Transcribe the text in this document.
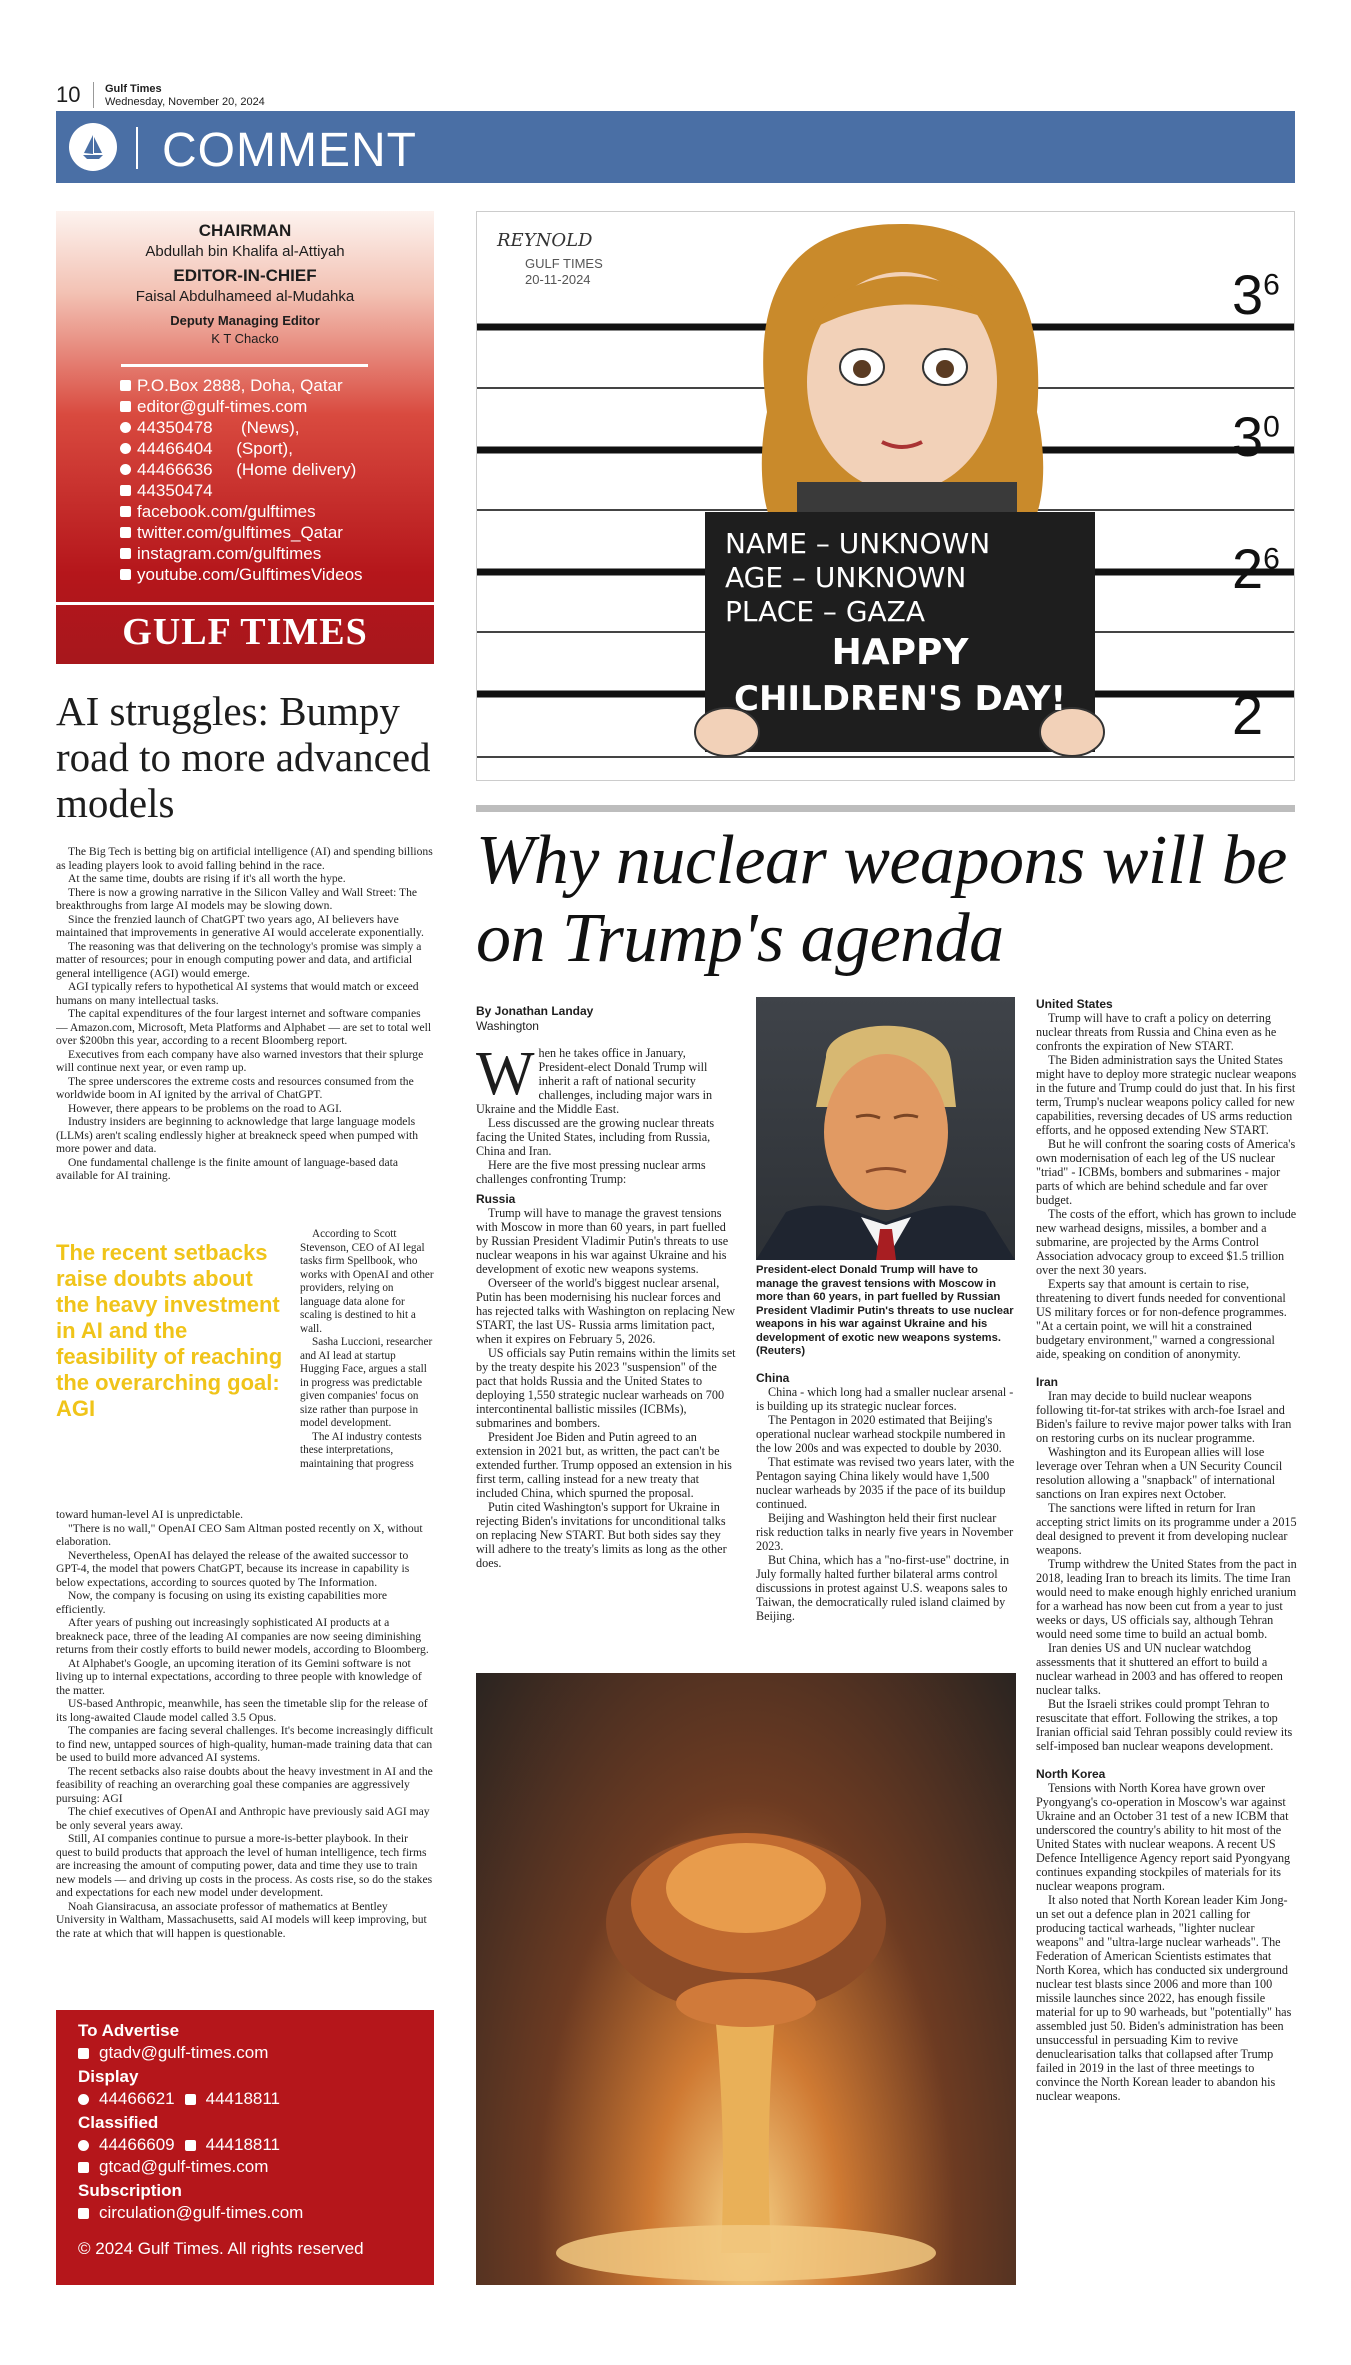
10 Gulf Times
Wednesday, November 20, 2024
COMMENT
CHAIRMAN
Abdullah bin Khalifa al-Attiyah
EDITOR-IN-CHIEF
Faisal Abdulhameed al-Mudahka
Deputy Managing Editor
K T Chacko
P.O.Box 2888, Doha, Qatar
editor@gulf-times.com
44350478      (News),
44466404     (Sport),
44466636     (Home delivery)
44350474
facebook.com/gulftimes
twitter.com/gulftimes_Qatar
instagram.com/gulftimes
youtube.com/GulftimesVideos
GULF TIMES
AI struggles: Bumpy road to more advanced models

The Big Tech is betting big on artificial intelligence (AI) and spending billions as leading players look to avoid falling behind in the race.

At the same time, doubts are rising if it's all worth the hype.

There is now a growing narrative in the Silicon Valley and Wall Street: The breakthroughs from large AI models may be slowing down.

Since the frenzied launch of ChatGPT two years ago, AI believers have maintained that improvements in generative AI would accelerate exponentially.

The reasoning was that delivering on the technology's promise was simply a matter of resources; pour in enough computing power and data, and artificial general intelligence (AGI) would emerge.

AGI typically refers to hypothetical AI systems that would match or exceed humans on many intellectual tasks.

The capital expenditures of the four largest internet and software companies — Amazon.com, Microsoft, Meta Platforms and Alphabet — are set to total well over $200bn this year, according to a recent Bloomberg report.

Executives from each company have also warned investors that their splurge will continue next year, or even ramp up.

The spree underscores the extreme costs and resources consumed from the worldwide boom in AI ignited by the arrival of ChatGPT.

However, there appears to be problems on the road to AGI.

Industry insiders are beginning to acknowledge that large language models (LLMs) aren't scaling endlessly higher at breakneck speed when pumped with more power and data.

One fundamental challenge is the finite amount of language-based data available for AI training.

The recent setbacks raise doubts about the heavy investment in AI and the feasibility of reaching the overarching goal: AGI

According to Scott Stevenson, CEO of AI legal tasks firm Spellbook, who works with OpenAI and other providers, relying on language data alone for scaling is destined to hit a wall.

Sasha Luccioni, researcher and AI lead at startup Hugging Face, argues a stall in progress was predictable given companies' focus on size rather than purpose in model development.

The AI industry contests these interpretations, maintaining that progress

toward human-level AI is unpredictable.

"There is no wall," OpenAI CEO Sam Altman posted recently on X, without elaboration.

Nevertheless, OpenAI has delayed the release of the awaited successor to GPT-4, the model that powers ChatGPT, because its increase in capability is below expectations, according to sources quoted by The Information.

Now, the company is focusing on using its existing capabilities more efficiently.

After years of pushing out increasingly sophisticated AI products at a breakneck pace, three of the leading AI companies are now seeing diminishing returns from their costly efforts to build newer models, according to Bloomberg.

At Alphabet's Google, an upcoming iteration of its Gemini software is not living up to internal expectations, according to three people with knowledge of the matter.

US-based Anthropic, meanwhile, has seen the timetable slip for the release of its long-awaited Claude model called 3.5 Opus.

The companies are facing several challenges. It's become increasingly difficult to find new, untapped sources of high-quality, human-made training data that can be used to build more advanced AI systems.

The recent setbacks also raise doubts about the heavy investment in AI and the feasibility of reaching an overarching goal these companies are aggressively pursuing: AGI

The chief executives of OpenAI and Anthropic have previously said AGI may be only several years away.

Still, AI companies continue to pursue a more-is-better playbook. In their quest to build products that approach the level of human intelligence, tech firms are increasing the amount of computing power, data and time they use to train new models — and driving up costs in the process. As costs rise, so do the stakes and expectations for each new model under development.

Noah Giansiracusa, an associate professor of mathematics at Bentley University in Waltham, Massachusetts, said AI models will keep improving, but the rate at which that will happen is questionable.

To Advertise
gtadv@gulf-times.com
Display
44466621 44418811
Classified
44466609 44418811
gtcad@gulf-times.com
Subscription
circulation@gulf-times.com
© 2024 Gulf Times. All rights reserved
REYNOLD
GULF TIMES
20-11-2024	$3^6$
$3^0$
$2^6$
2
NAME – UNKNOWN
AGE – UNKNOWN
PLACE – GAZA
HAPPY
CHILDREN'S DAY!
Why nuclear weapons will be on Trump's agenda
By Jonathan Landay
Washington
W hen he takes office in January, President-elect Donald Trump will inherit a raft of national security challenges, including major wars in Ukraine and the Middle East.

Less discussed are the growing nuclear threats facing the United States, including from Russia, China and Iran.

Here are the five most pressing nuclear arms challenges confronting Trump:

Russia

Trump will have to manage the gravest tensions with Moscow in more than 60 years, in part fuelled by Russian President Vladimir Putin's threats to use nuclear weapons in his war against Ukraine and his development of exotic new weapons systems.

Overseer of the world's biggest nuclear arsenal, Putin has been modernising his nuclear forces and has rejected talks with Washington on replacing New START, the last US- Russia arms limitation pact, when it expires on February 5, 2026.

US officials say Putin remains within the limits set by the treaty despite his 2023 "suspension" of the pact that holds Russia and the United States to deploying 1,550 strategic nuclear warheads on 700 intercontinental ballistic missiles (ICBMs), submarines and bombers.

President Joe Biden and Putin agreed to an extension in 2021 but, as written, the pact can't be extended further. Trump opposed an extension in his first term, calling instead for a new treaty that included China, which spurned the proposal.

Putin cited Washington's support for Ukraine in rejecting Biden's invitations for unconditional talks on replacing New START. But both sides say they will adhere to the treaty's limits as long as the other does.

President-elect Donald Trump will have to manage the gravest tensions with Moscow in more than 60 years, in part fuelled by Russian President Vladimir Putin's threats to use nuclear weapons in his war against Ukraine and his development of exotic new weapons systems. (Reuters)

China

China - which long had a smaller nuclear arsenal - is building up its strategic nuclear forces.

The Pentagon in 2020 estimated that Beijing's operational nuclear warhead stockpile numbered in the low 200s and was expected to double by 2030.

That estimate was revised two years later, with the Pentagon saying China likely would have 1,500 nuclear warheads by 2035 if the pace of its buildup continued.

Beijing and Washington held their first nuclear risk reduction talks in nearly five years in November 2023.

But China, which has a "no-first-use" doctrine, in July formally halted further bilateral arms control discussions in protest against U.S. weapons sales to Taiwan, the democratically ruled island claimed by Beijing.

United States

Trump will have to craft a policy on deterring nuclear threats from Russia and China even as he confronts the expiration of New START.

The Biden administration says the United States might have to deploy more strategic nuclear weapons in the future and Trump could do just that. In his first term, Trump's nuclear weapons policy called for new capabilities, reversing decades of US arms reduction efforts, and he opposed extending New START.

But he will confront the soaring costs of America's own modernisation of each leg of the US nuclear "triad" - ICBMs, bombers and submarines - major parts of which are behind schedule and far over budget.

The costs of the effort, which has grown to include new warhead designs, missiles, a bomber and a submarine, are projected by the Arms Control Association advocacy group to exceed $1.5 trillion over the next 30 years.

Experts say that amount is certain to rise, threatening to divert funds needed for conventional US military forces or for non-defence programmes. "At a certain point, we will hit a constrained budgetary environment," warned a congressional aide, speaking on condition of anonymity.

Iran

Iran may decide to build nuclear weapons following tit-for-tat strikes with arch-foe Israel and Biden's failure to revive major power talks with Iran on restoring curbs on its nuclear programme.

Washington and its European allies will lose leverage over Tehran when a UN Security Council resolution allowing a "snapback" of international sanctions on Iran expires next October.

The sanctions were lifted in return for Iran accepting strict limits on its programme under a 2015 deal designed to prevent it from developing nuclear weapons.

Trump withdrew the United States from the pact in 2018, leading Iran to breach its limits. The time Iran would need to make enough highly enriched uranium for a warhead has now been cut from a year to just weeks or days, US officials say, although Tehran would need some time to build an actual bomb.

Iran denies US and UN nuclear watchdog assessments that it shuttered an effort to build a nuclear warhead in 2003 and has offered to reopen nuclear talks.

But the Israeli strikes could prompt Tehran to resuscitate that effort. Following the strikes, a top Iranian official said Tehran possibly could review its self-imposed ban nuclear weapons development.

North Korea

Tensions with North Korea have grown over Pyongyang's co-operation in Moscow's war against Ukraine and an October 31 test of a new ICBM that underscored the country's ability to hit most of the United States with nuclear weapons. A recent US Defence Intelligence Agency report said Pyongyang continues expanding stockpiles of materials for its nuclear weapons program.

It also noted that North Korean leader Kim Jong-un set out a defence plan in 2021 calling for producing tactical warheads, "lighter nuclear weapons" and "ultra-large nuclear warheads". The Federation of American Scientists estimates that North Korea, which has conducted six underground nuclear test blasts since 2006 and more than 100 missile launches since 2022, has enough fissile material for up to 90 warheads, but "potentially" has assembled just 50. Biden's administration has been unsuccessful in persuading Kim to revive denuclearisation talks that collapsed after Trump failed in 2019 in the last of three meetings to convince the North Korean leader to abandon his nuclear weapons.
